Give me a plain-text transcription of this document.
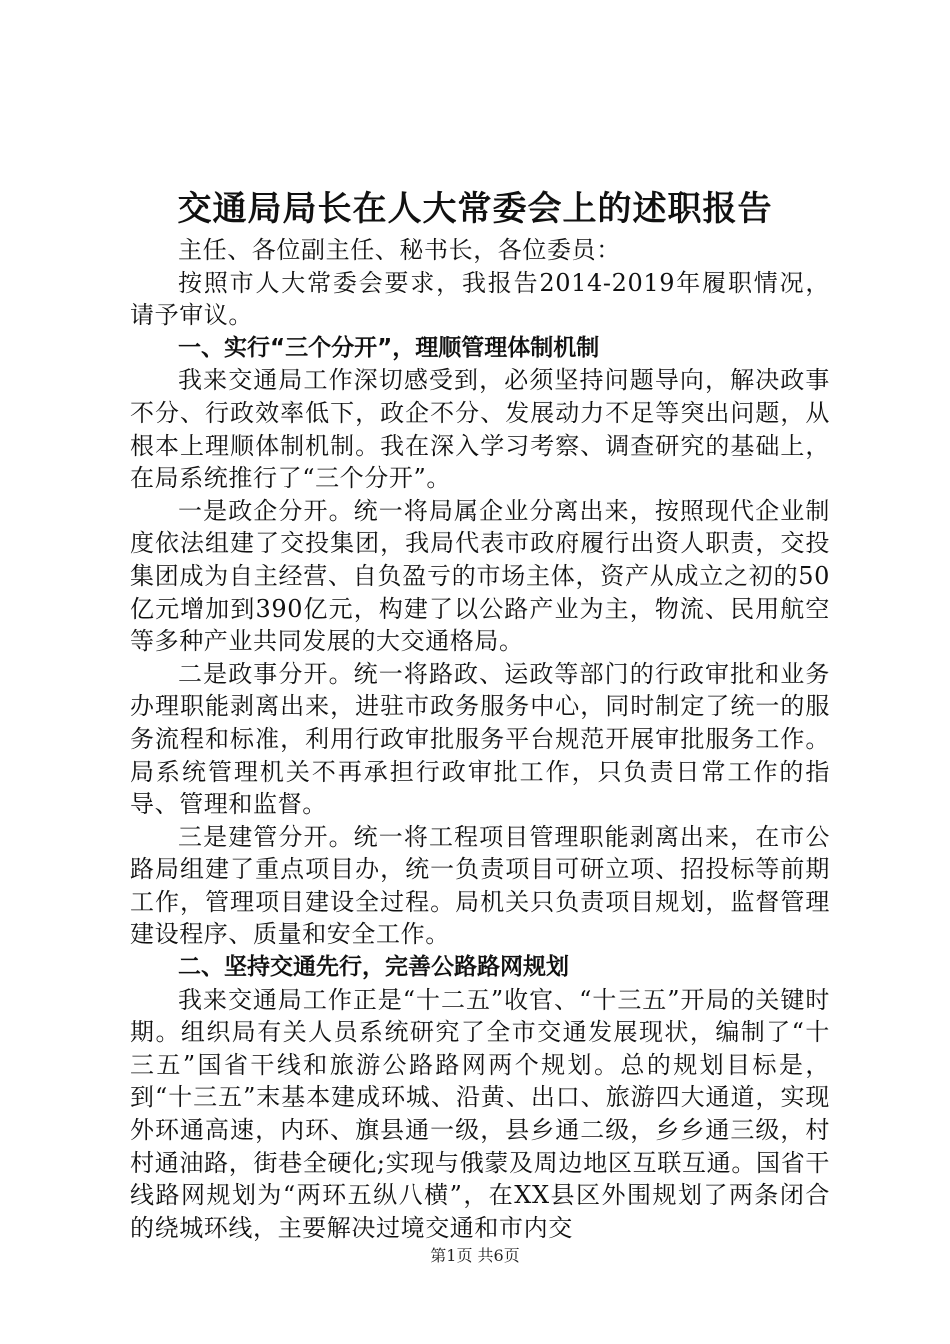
交通局局长在人大常委会上的述职报告

主任、各位副主任、秘书长，各位委员：

按照市人大常委会要求，我报告2014-2019年履职情况，请予审议。

一、实行“三个分开”，理顺管理体制机制

我来交通局工作深切感受到，必须坚持问题导向，解决政事不分、行政效率低下，政企不分、发展动力不足等突出问题，从根本上理顺体制机制。我在深入学习考察、调查研究的基础上，在局系统推行了“三个分开”。

一是政企分开。统一将局属企业分离出来，按照现代企业制度依法组建了交投集团，我局代表市政府履行出资人职责，交投集团成为自主经营、自负盈亏的市场主体，资产从成立之初的50亿元增加到390亿元，构建了以公路产业为主，物流、民用航空等多种产业共同发展的大交通格局。

二是政事分开。统一将路政、运政等部门的行政审批和业务办理职能剥离出来，进驻市政务服务中心，同时制定了统一的服务流程和标准，利用行政审批服务平台规范开展审批服务工作。局系统管理机关不再承担行政审批工作，只负责日常工作的指导、管理和监督。

三是建管分开。统一将工程项目管理职能剥离出来，在市公路局组建了重点项目办，统一负责项目可研立项、招投标等前期工作，管理项目建设全过程。局机关只负责项目规划，监督管理建设程序、质量和安全工作。

二、坚持交通先行，完善公路路网规划

我来交通局工作正是“十二五”收官、“十三五”开局的关键时期。组织局有关人员系统研究了全市交通发展现状，编制了“十三五”国省干线和旅游公路路网两个规划。总的规划目标是，到“十三五”末基本建成环城、沿黄、出口、旅游四大通道，实现外环通高速，内环、旗县通一级，县乡通二级，乡乡通三级，村村通油路，街巷全硬化;实现与俄蒙及周边地区互联互通。国省干线路网规划为“两环五纵八横”，在XX县区外围规划了两条闭合的绕城环线，主要解决过境交通和市内交

第1页 共6页
